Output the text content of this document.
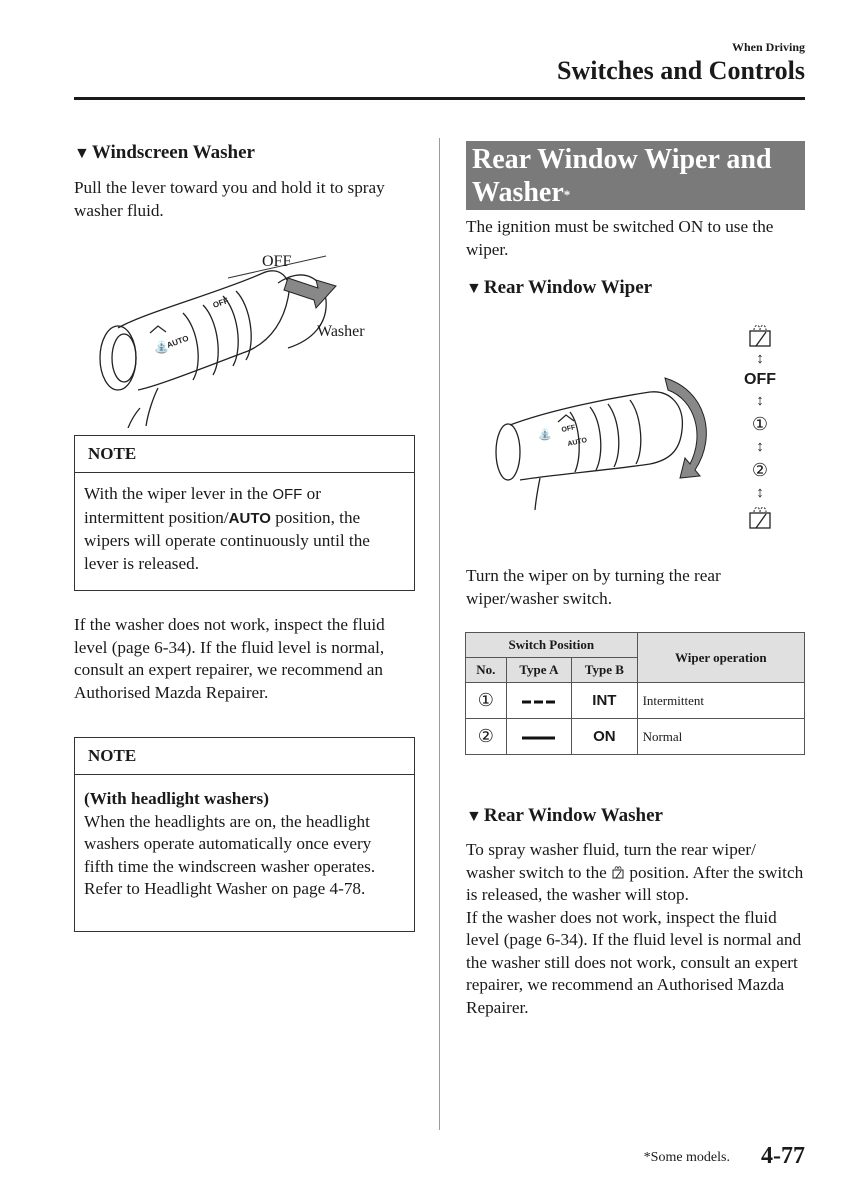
When Driving
Switches and Controls
▼ Windscreen Washer
Pull the lever toward you and hold it to spray washer fluid.
⛲
AUTO
OFF
OFF
Washer
NOTE
With the wiper lever in the OFF or intermittent position/AUTO position, the wipers will operate continuously until the lever is released.
If the washer does not work, inspect the fluid level (page 6-34). If the fluid level is normal, consult an expert repairer, we recommend an Authorised Mazda Repairer.
NOTE
(With headlight washers)
When the headlights are on, the headlight washers operate automatically once every fifth time the windscreen washer operates.
Refer to Headlight Washer on page 4-78.
Rear Window Wiper and Washer*
The ignition must be switched ON to use the wiper.
▼ Rear Window Wiper
⛲
AUTO
OFF
↕
OFF
↕
①
↕
②
↕
Turn the wiper on by turning the rear wiper/washer switch.
Switch Position			Wiper operation
No.	Type A	Type B	
①		INT	Intermittent
②		ON	Normal
▼ Rear Window Washer
To spray washer fluid, turn the rear wiper/ washer switch to the  position. After the switch is released, the washer will stop.
If the washer does not work, inspect the fluid level (page 6-34). If the fluid level is normal and the washer still does not work, consult an expert repairer, we recommend an Authorised Mazda Repairer.
*Some models. 4-77
